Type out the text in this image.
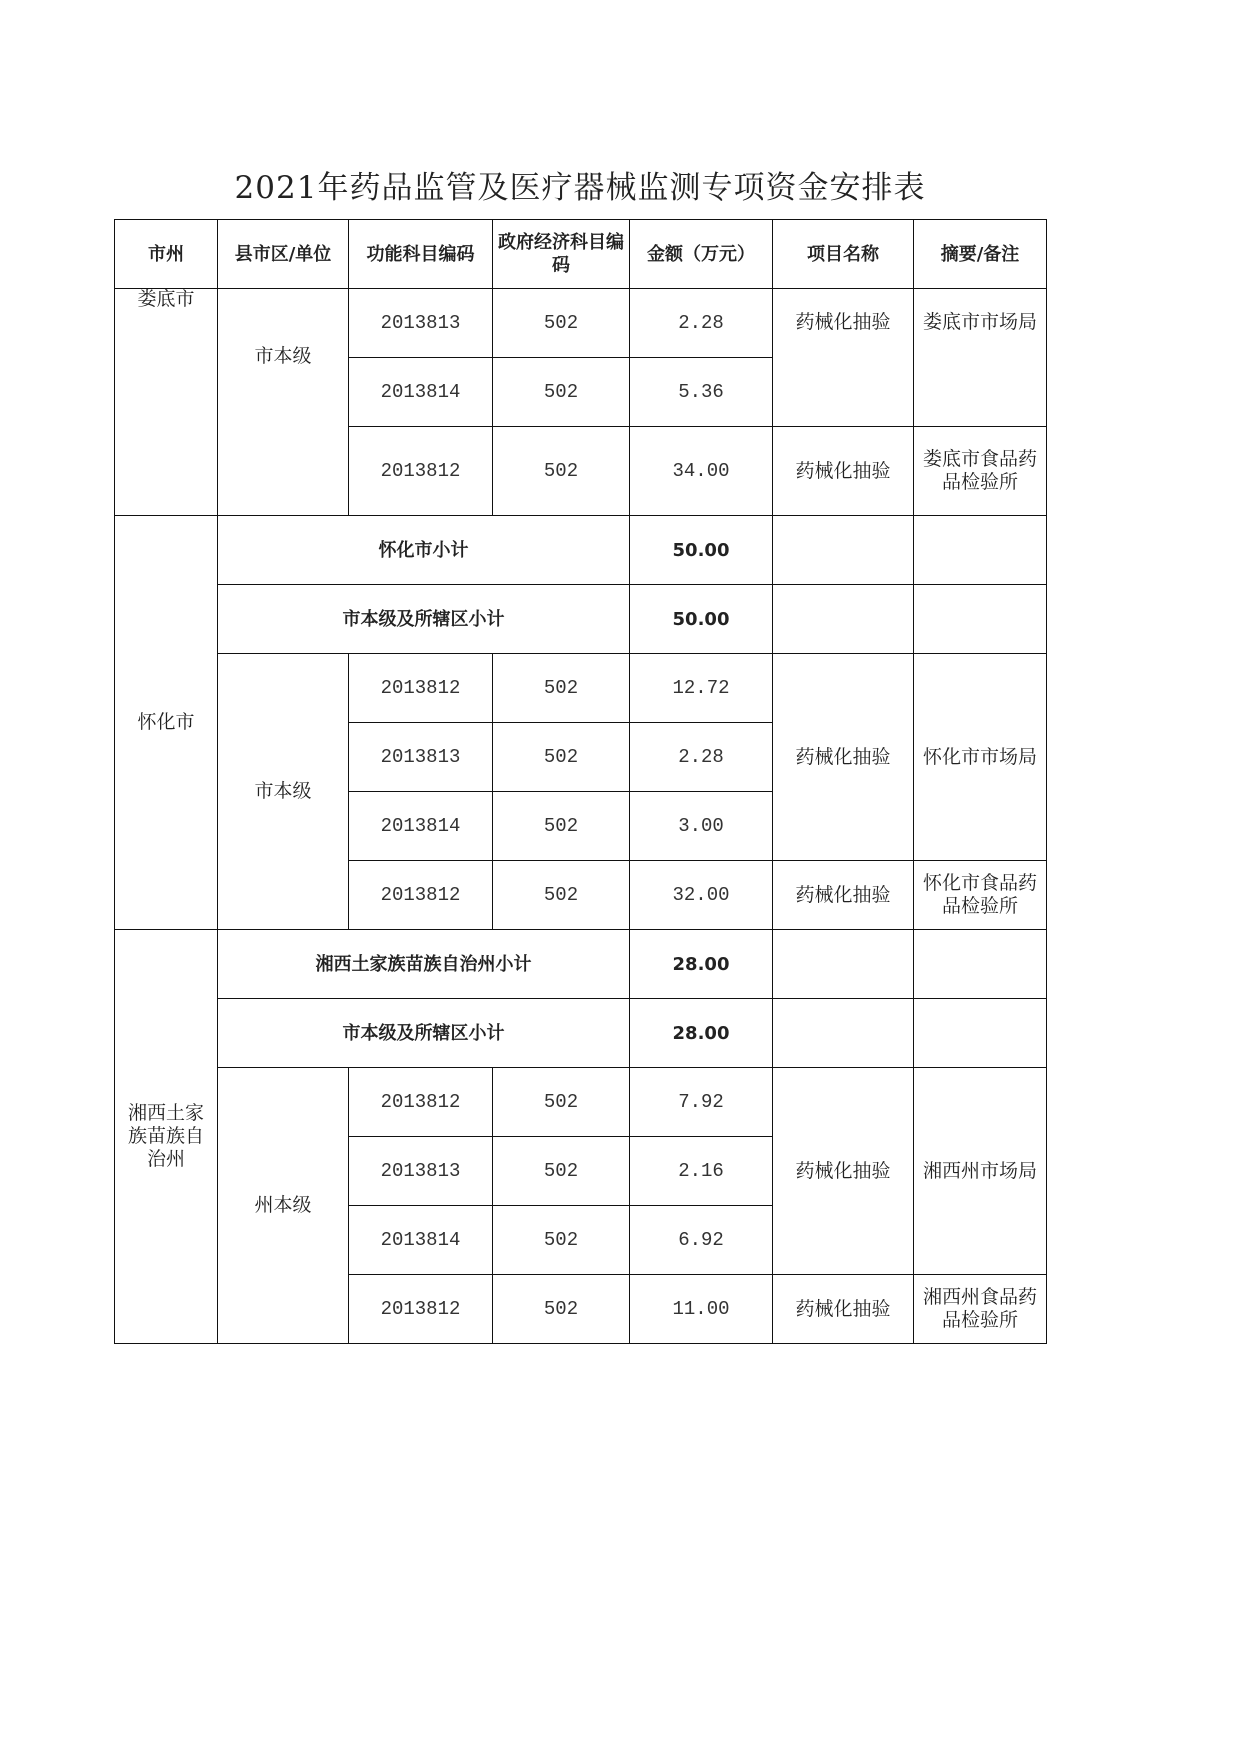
2021年药品监管及医疗器械监测专项资金安排表
市州	县市区/单位	功能科目编码	政府经济科目编码	金额（万元）	项目名称	摘要/备注
娄底市	市本级	2013813	502	2.28	药械化抽验	娄底市市场局
		2013814	502	5.36		
		2013812	502	34.00	药械化抽验	娄底市食品药品检验所
怀化市	怀化市小计			50.00		
	市本级及所辖区小计			50.00		
	市本级	2013812	502	12.72	药械化抽验	怀化市市场局
		2013813	502	2.28		
		2013814	502	3.00		
		2013812	502	32.00	药械化抽验	怀化市食品药品检验所
湘西土家族苗族自治州	湘西土家族苗族自治州小计			28.00		
	市本级及所辖区小计			28.00		
	州本级	2013812	502	7.92	药械化抽验	湘西州市场局
		2013813	502	2.16		
		2013814	502	6.92		
		2013812	502	11.00	药械化抽验	湘西州食品药品检验所
